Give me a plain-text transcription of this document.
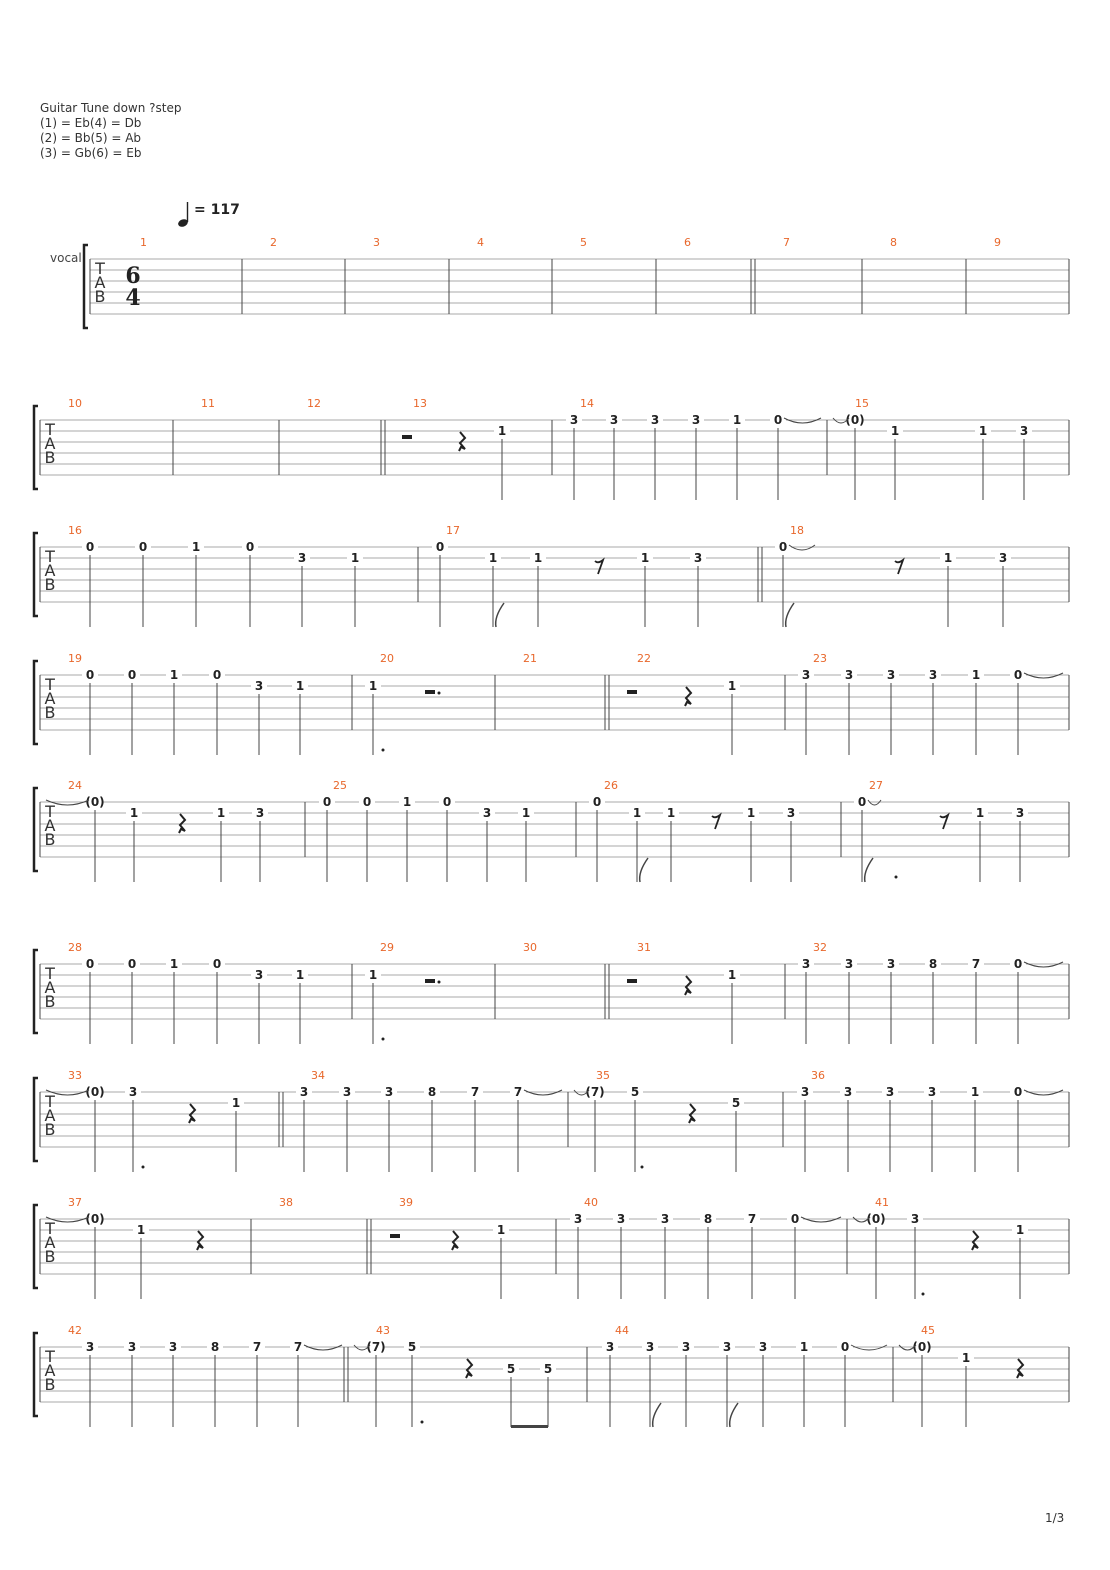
Guitar Tune down ?step
(1) = Eb(4) = Db
(2) = Bb(5) = Ab
(3) = Gb(6) = Eb
= 117
T
A
B
vocal
6
4
1	2	3	4	5	6	7	8	9
1
3	3	3	3	1	0	(0)
1	1	3
T
A
B
10	11	12	13	14	15
0	0	1	0
3	1
0
1	1	1	3
0
1	3
T
A
B
16	17	18
0	0	1	0
3	1	1	1
3	3	3	3	1	0
T
A
B
19	20	21	22	23
(0)
1	1	3
0	0	1	0
3	1
0
1 1	1	3
0
1	3
T
A
B
24	25	26	27
0	0	1	0
3	1	1	1
3	3	3	8	7	0
T
A
B
28	29	30	31	32
(0) 3
1
3	3	3	8	7	7	(7) 5
5
3	3	3	3	1	0
T
A
B
33	34	35	36
(0)
1	1
3	3	3	8	7	0	(0) 3
1
T
A
B
37	38	39	40	41
3	3	3	8	7	7	(7) 5
5 5
3	3 3	3 3	1	0	(0)
1
T
A
B
42	43	44	45
1/3
